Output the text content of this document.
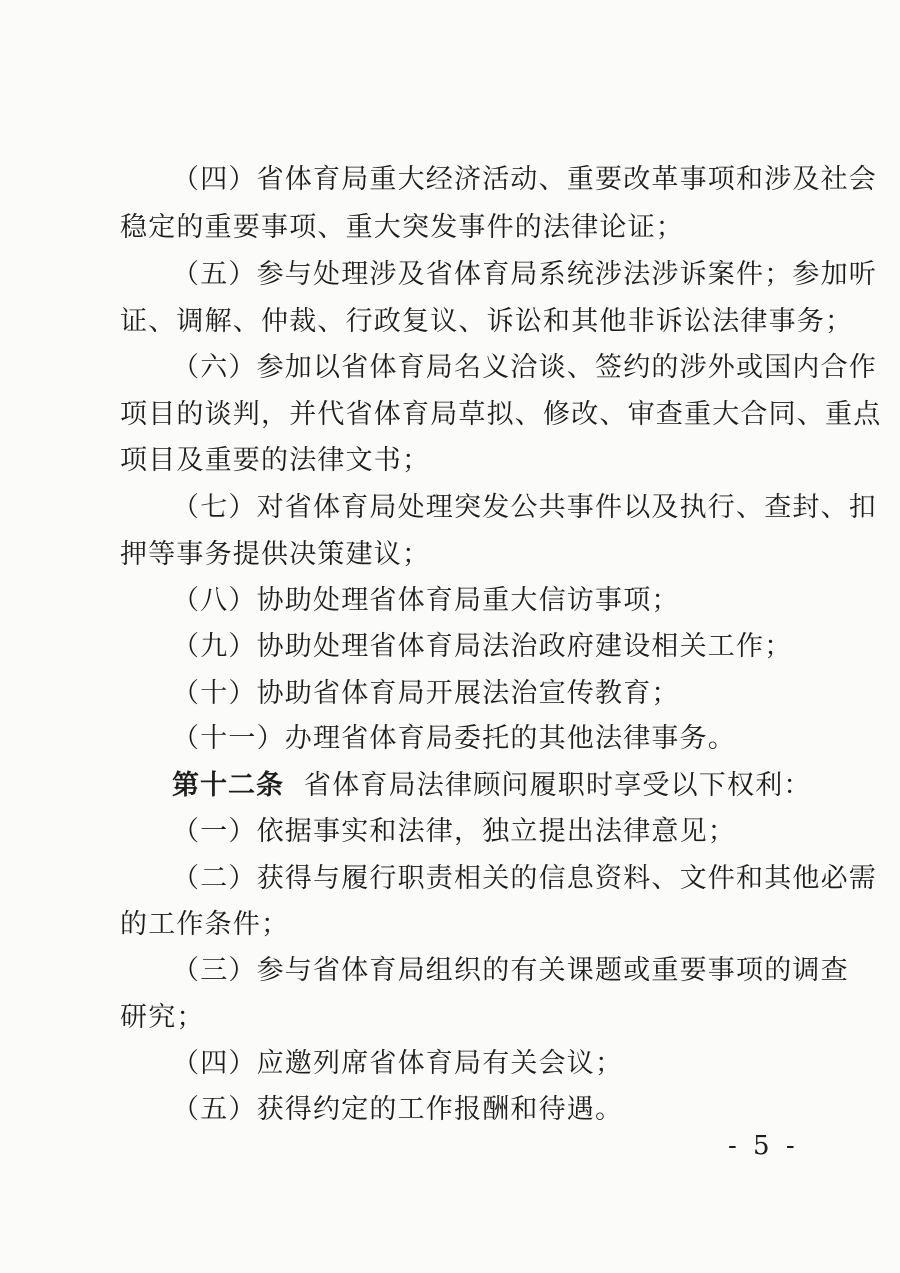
（四）省体育局重大经济活动、重要改革事项和涉及社会
稳定的重要事项、重大突发事件的法律论证；
（五）参与处理涉及省体育局系统涉法涉诉案件；参加听
证、调解、仲裁、行政复议、诉讼和其他非诉讼法律事务；
（六）参加以省体育局名义洽谈、签约的涉外或国内合作
项目的谈判，并代省体育局草拟、修改、审查重大合同、重点
项目及重要的法律文书；
（七）对省体育局处理突发公共事件以及执行、查封、扣
押等事务提供决策建议；
（八）协助处理省体育局重大信访事项；
（九）协助处理省体育局法治政府建设相关工作；
（十）协助省体育局开展法治宣传教育；
（十一）办理省体育局委托的其他法律事务。
第十二条 省体育局法律顾问履职时享受以下权利：
（一）依据事实和法律，独立提出法律意见；
（二）获得与履行职责相关的信息资料、文件和其他必需
的工作条件；
（三）参与省体育局组织的有关课题或重要事项的调查
研究；
（四）应邀列席省体育局有关会议；
（五）获得约定的工作报酬和待遇。
- 5 -
